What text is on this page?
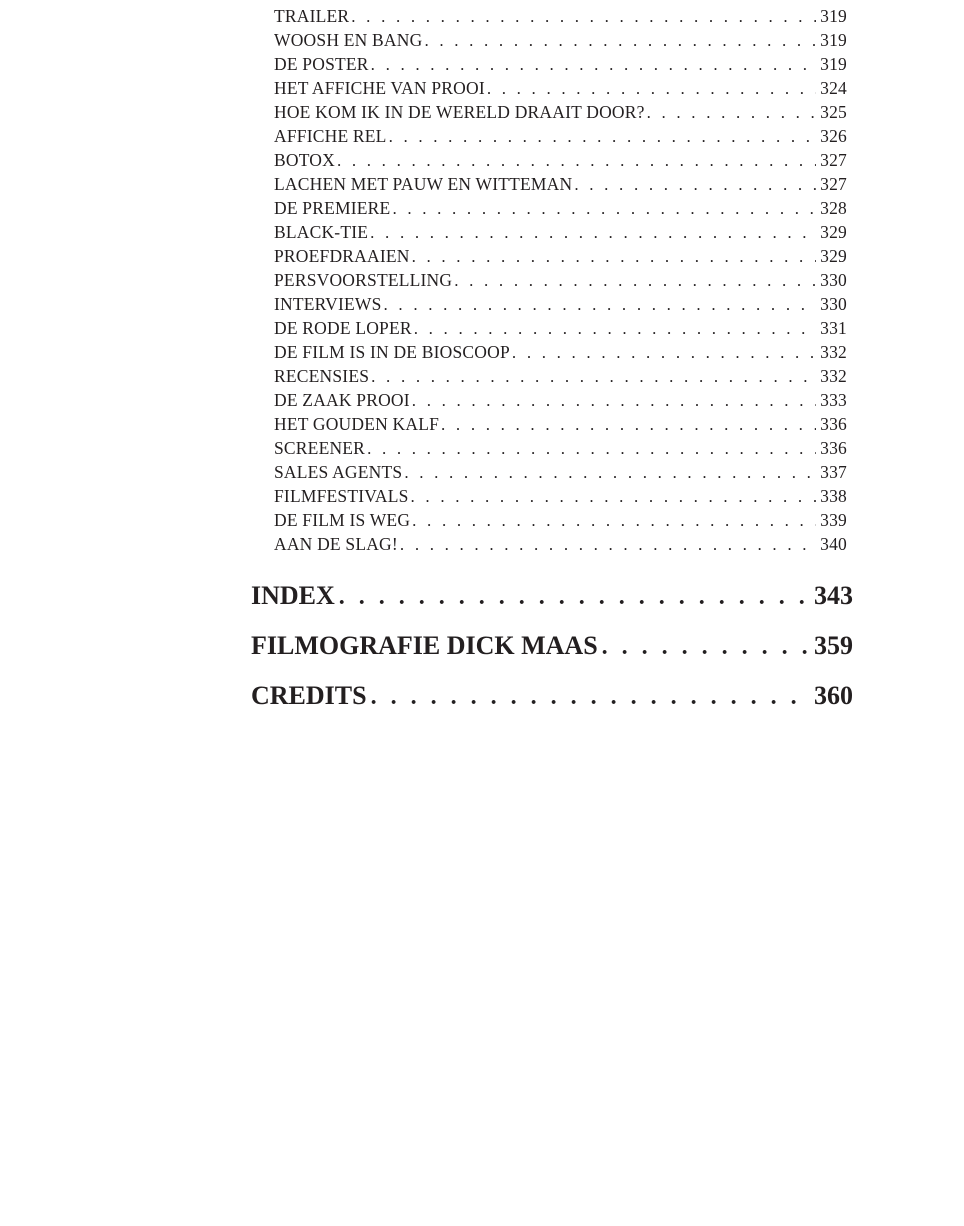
TRAILER . . .	319
WOOSH EN BANG . . .	319
DE POSTER . . .	319
HET AFFICHE VAN PROOI . . .	324
HOE KOM IK IN DE WERELD DRAAIT DOOR? . . .	325
AFFICHE REL . . .	326
BOTOX . . .	327
LACHEN MET PAUW EN WITTEMAN . . .	327
DE PREMIERE . . .	328
BLACK-TIE . . .	329
PROEFDRAAIEN . . .	329
PERSVOORSTELLING . . .	330
INTERVIEWS . . .	330
DE RODE LOPER . . .	331
DE FILM IS IN DE BIOSCOOP . . .	332
RECENSIES . . .	332
DE ZAAK PROOI . . .	333
HET GOUDEN KALF . . .	336
SCREENER . . .	336
SALES AGENTS . . .	337
FILMFESTIVALS . . .	338
DE FILM IS WEG . . .	339
AAN DE SLAG! . . .	340
INDEX . . .	343
FILMOGRAFIE DICK MAAS . . .	359
CREDITS . . .	360
